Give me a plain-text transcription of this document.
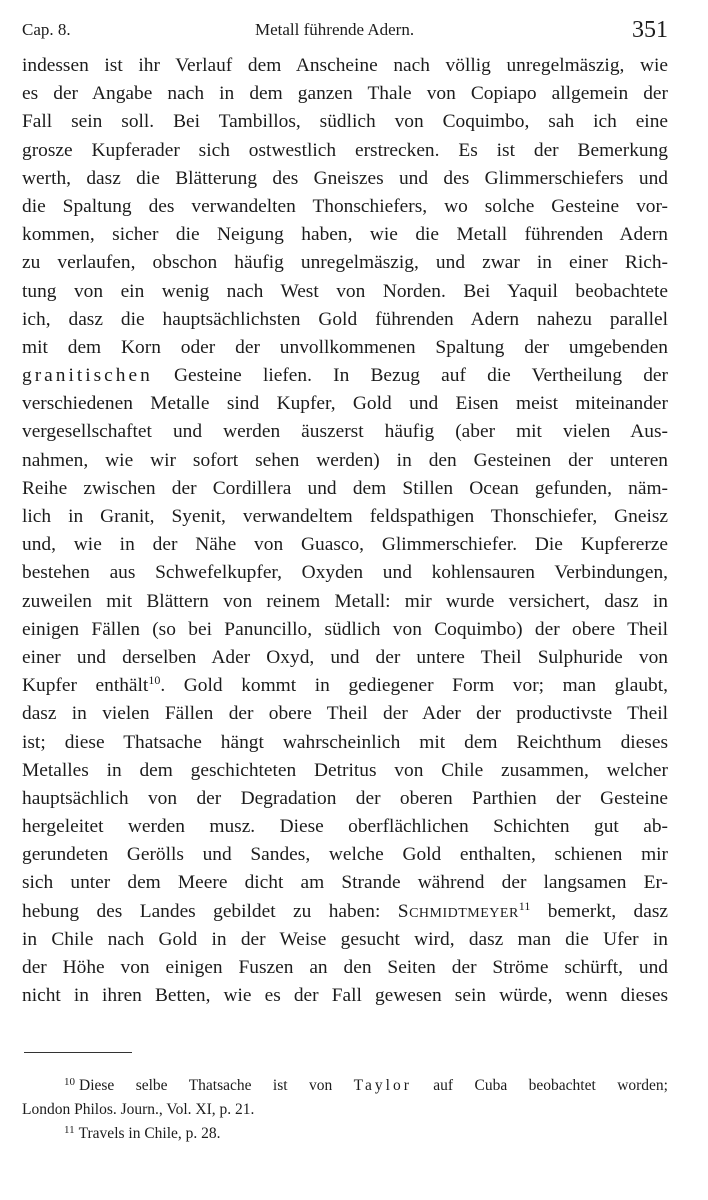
Cap. 8.	Metall führende Adern.	351
indessen ist ihr Verlauf dem Anscheine nach völlig unregelmäszig, wie
es der Angabe nach in dem ganzen Thale von Copiapo allgemein der
Fall sein soll. Bei Tambillos, südlich von Coquimbo, sah ich eine
grosze Kupferader sich ostwestlich erstrecken. Es ist der Bemerkung
werth, dasz die Blätterung des Gneiszes und des Glimmerschiefers und
die Spaltung des verwandelten Thonschiefers, wo solche Gesteine vor-
kommen, sicher die Neigung haben, wie die Metall führenden Adern
zu verlaufen, obschon häufig unregelmäszig, und zwar in einer Rich-
tung von ein wenig nach West von Norden. Bei Yaquil beobachtete
ich, dasz die hauptsächlichsten Gold führenden Adern nahezu parallel
mit dem Korn oder der unvollkommenen Spaltung der umgebenden
granitischen Gesteine liefen. In Bezug auf die Vertheilung der
verschiedenen Metalle sind Kupfer, Gold und Eisen meist miteinander
vergesellschaftet und werden äuszerst häufig (aber mit vielen Aus-
nahmen, wie wir sofort sehen werden) in den Gesteinen der unteren
Reihe zwischen der Cordillera und dem Stillen Ocean gefunden, näm-
lich in Granit, Syenit, verwandeltem feldspathigen Thonschiefer, Gneisz
und, wie in der Nähe von Guasco, Glimmerschiefer. Die Kupfererze
bestehen aus Schwefelkupfer, Oxyden und kohlensauren Verbindungen,
zuweilen mit Blättern von reinem Metall: mir wurde versichert, dasz in
einigen Fällen (so bei Panuncillo, südlich von Coquimbo) der obere Theil
einer und derselben Ader Oxyd, und der untere Theil Sulphuride von
Kupfer enthält$^{10}$. Gold kommt in gediegener Form vor; man glaubt,
dasz in vielen Fällen der obere Theil der Ader der productivste Theil
ist; diese Thatsache hängt wahrscheinlich mit dem Reichthum dieses
Metalles in dem geschichteten Detritus von Chile zusammen, welcher
hauptsächlich von der Degradation der oberen Parthien der Gesteine
hergeleitet werden musz. Diese oberflächlichen Schichten gut ab-
gerundeten Gerölls und Sandes, welche Gold enthalten, schienen mir
sich unter dem Meere dicht am Strande während der langsamen Er-
hebung des Landes gebildet zu haben: Schmidtmeyer$^{11}$ bemerkt, dasz
in Chile nach Gold in der Weise gesucht wird, dasz man die Ufer in
der Höhe von einigen Fuszen an den Seiten der Ströme schürft, und
nicht in ihren Betten, wie es der Fall gewesen sein würde, wenn dieses
$^{10}$ Diese selbe Thatsache ist von Taylor auf Cuba beobachtet worden;
London Philos. Journ., Vol. XI, p. 21.
$^{11}$ Travels in Chile, p. 28.
